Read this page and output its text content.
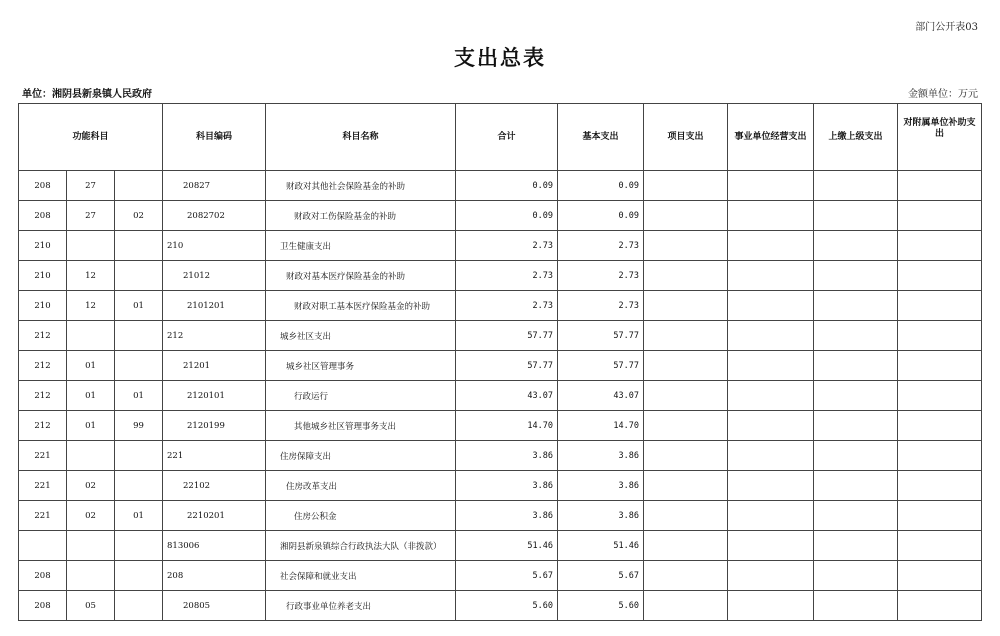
部门公开表03
支出总表
单位：湘阴县新泉镇人民政府	金额单位：万元
功能科目			科目编码	科目名称	合计	基本支出	项目支出	事业单位经营支出	上缴上级支出	对附属单位补助支出
208	27		20827	财政对其他社会保险基金的补助	0.09	0.09				
208	27	02	2082702	财政对工伤保险基金的补助	0.09	0.09				
210			210	卫生健康支出	2.73	2.73				
210	12		21012	财政对基本医疗保险基金的补助	2.73	2.73				
210	12	01	2101201	财政对职工基本医疗保险基金的补助	2.73	2.73				
212			212	城乡社区支出	57.77	57.77				
212	01		21201	城乡社区管理事务	57.77	57.77				
212	01	01	2120101	行政运行	43.07	43.07				
212	01	99	2120199	其他城乡社区管理事务支出	14.70	14.70				
221			221	住房保障支出	3.86	3.86				
221	02		22102	住房改革支出	3.86	3.86				
221	02	01	2210201	住房公积金	3.86	3.86				
			813006	湘阴县新泉镇综合行政执法大队（非拨款）	51.46	51.46				
208			208	社会保障和就业支出	5.67	5.67				
208	05		20805	行政事业单位养老支出	5.60	5.60				
